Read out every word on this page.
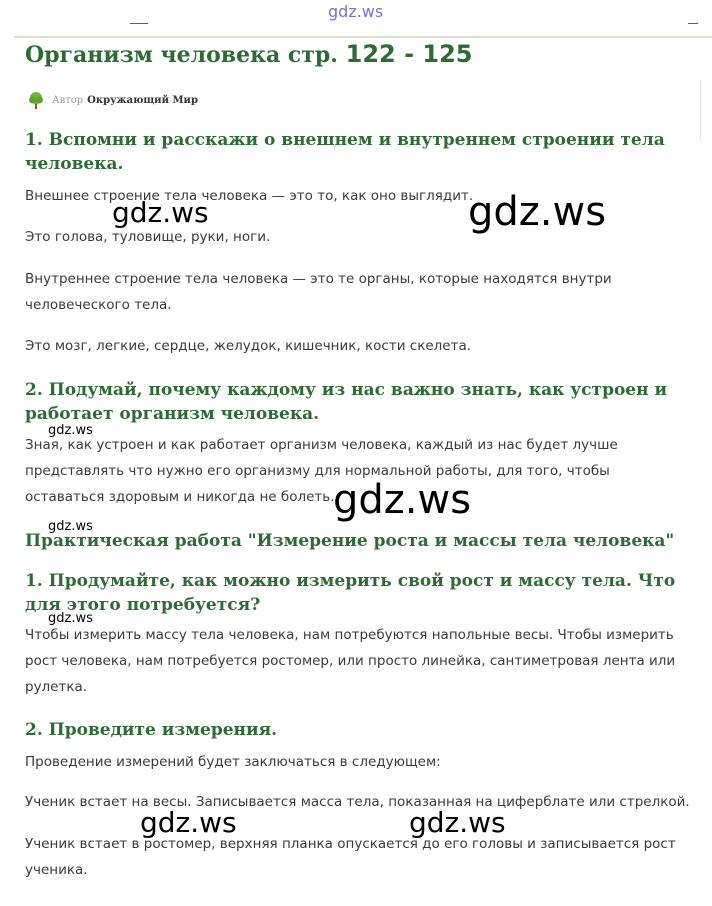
gdz.ws
Организм человека стр. 122 - 125
Автор Окружающий Мир
1. Вспомни и расскажи о внешнем и внутреннем строении тела человека.

Внешнее строение тела человека — это то, как оно выглядит.

Это голова, туловище, руки, ноги.

Внутреннее строение тела человека — это те органы, которые находятся внутри человеческого тела.

Это мозг, легкие, сердце, желудок, кишечник, кости скелета.

2. Подумай, почему каждому из нас важно знать, как устроен и работает организм человека.

Зная, как устроен и как работает организм человека, каждый из нас будет лучше представлять что нужно его организму для нормальной работы, для того, чтобы оставаться здоровым и никогда не болеть.

Практическая работа "Измерение роста и массы тела человека"
1. Продумайте, как можно измерить свой рост и массу тела. Что для этого потребуется?

Чтобы измерить массу тела человека, нам потребуются напольные весы. Чтобы измерить рост человека, нам потребуется ростомер, или просто линейка, сантиметровая лента или рулетка.

2. Проведите измерения.

Проведение измерений будет заключаться в следующем:

Ученик встает на весы. Записывается масса тела, показанная на циферблате или стрелкой.

Ученик встает в ростомер, верхняя планка опускается до его головы и записывается рост ученика.

gdz.ws	gdz.ws
gdz.ws
gdz.ws
gdz.ws
gdz.ws
gdz.ws	gdz.ws
